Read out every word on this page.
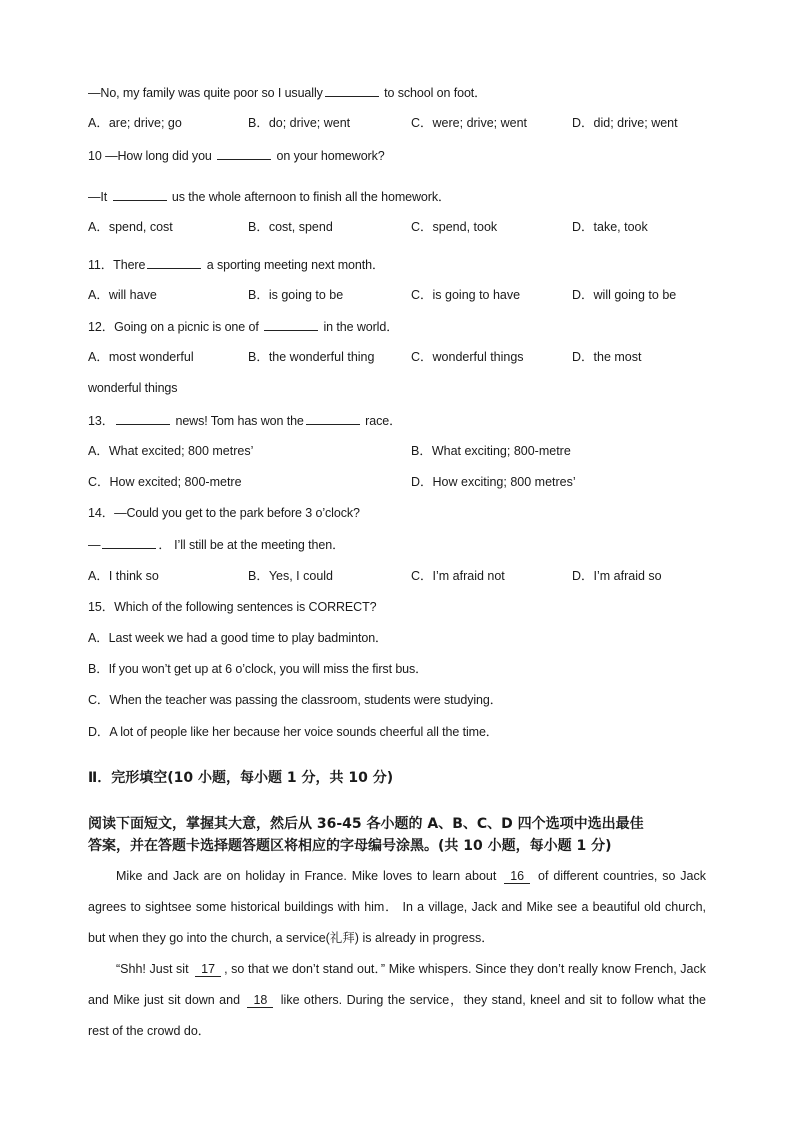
—No, my family was quite poor so I usually	to school on foot．
A．are; drive; go	B．do; drive; went	C．were; drive; went	D．did; drive; went
10 —How long did you	on your homework?
—It	us the whole afternoon to finish all the homework．
A．spend, cost	B．cost, spend	C．spend, took	D．take, took
11．There	a sporting meeting next month．
A．will have	B．is going to be	C．is going to have	D．will going to be
12．Going on a picnic is one of	in the world．
A．most wonderful	B．the wonderful thing	C．wonderful things	D．the most
wonderful things
13．	news! Tom has won the	race．
A．What excited; 800 metres’	B．What exciting; 800-metre
C．How excited; 800-metre	D．How exciting; 800 metres’
14．—Could you get to the park before 3 o’clock?
—	． I’ll still be at the meeting then．
A．I think so	B．Yes, I could	C．I’m afraid not	D．I’m afraid so
15．Which of the following sentences is CORRECT?
A．Last week we had a good time to play badminton．
B．If you won’t get up at 6 o’clock, you will miss the first bus．
C．When the teacher was passing the classroom, students were studying．
D．A lot of people like her because her voice sounds cheerful all the time．
Ⅱ．完形填空(10 小题，每小题 1 分，共 10 分)
阅读下面短文，掌握其大意，然后从 36-45 各小题的 A、B、C、D 四个选项中选出最佳
答案，并在答题卡选择题答题区将相应的字母编号涂黑。(共 10 小题，每小题 1 分)
Mike and Jack are on holiday in France. Mike loves to learn about 16 of different countries, so Jack agrees to sightsee some historical buildings with him． In a village, Jack and Mike see a beautiful old church, but when they go into the church, a service(礼拜) is already in progress．
“Shh! Just sit 17 , so that we don’t stand out．” Mike whispers. Since they don’t really know French, Jack and Mike just sit down and 18 like others. During the service，they stand, kneel and sit to follow what the rest of the crowd do．
